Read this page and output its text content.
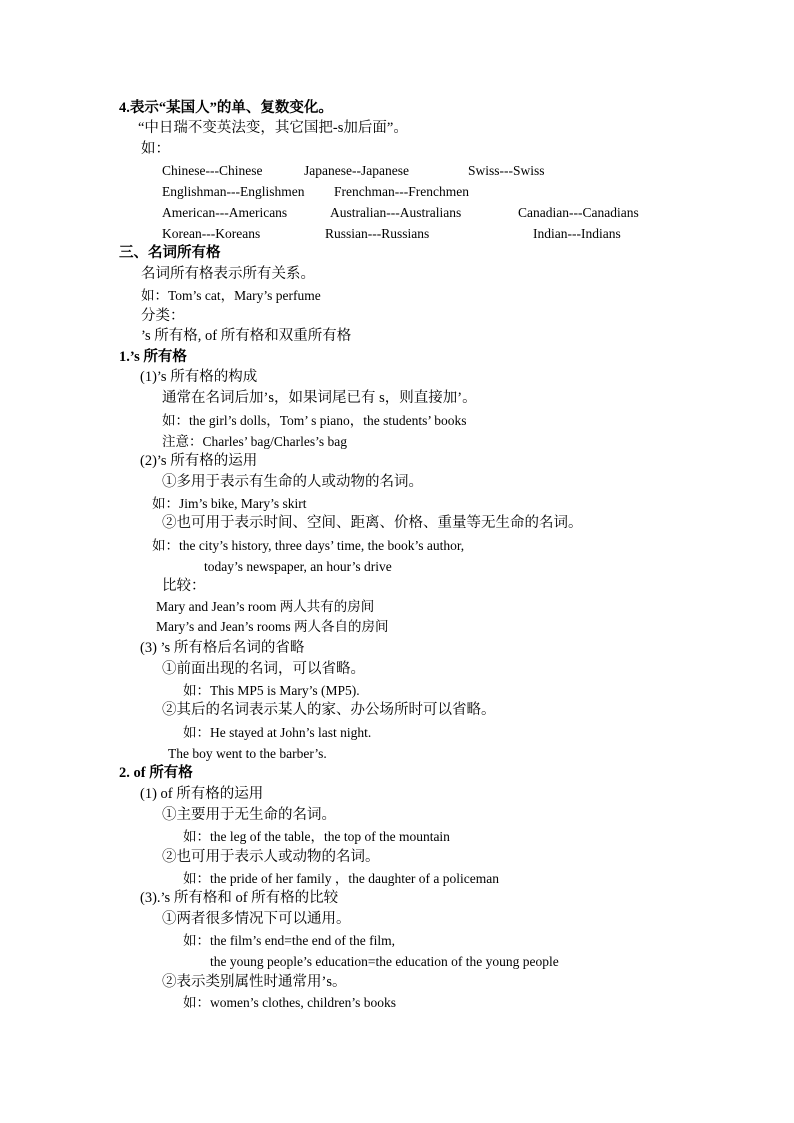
4.表示“某国人”的单、复数变化。
“中日瑞不变英法变，其它国把-s加后面”。
如：
Chinese---Chinese	Japanese--Japanese	Swiss---Swiss
Englishman---Englishmen Frenchman---Frenchmen
American---Americans	Australian---Australians	Canadian---Canadians
Korean---Koreans	Russian---Russians	Indian---Indians
三、名词所有格
名词所有格表示所有关系。
如：Tom’s cat，Mary’s perfume
分类：
’s 所有格, of 所有格和双重所有格
1.’s 所有格
(1)’s 所有格的构成
通常在名词后加’s，如果词尾已有 s，则直接加’。
如：the girl’s dolls，Tom’ s piano，the students’ books
注意：Charles’ bag/Charles’s bag
(2)’s 所有格的运用
①多用于表示有生命的人或动物的名词。
如：Jim’s bike, Mary’s skirt
②也可用于表示时间、空间、距离、价格、重量等无生命的名词。
如：the city’s history, three days’ time, the book’s author,
today’s newspaper, an hour’s drive
比较：
Mary and Jean’s room 两人共有的房间
Mary’s and Jean’s rooms 两人各自的房间
(3) ’s 所有格后名词的省略
①前面出现的名词，可以省略。
如：This MP5 is Mary’s (MP5).
②其后的名词表示某人的家、办公场所时可以省略。
如：He stayed at John’s last night.
The boy went to the barber’s.
2. of 所有格
(1) of 所有格的运用
①主要用于无生命的名词。
如：the leg of the table，the top of the mountain
②也可用于表示人或动物的名词。
如：the pride of her family ，the daughter of a policeman
(3).’s 所有格和 of 所有格的比较
①两者很多情况下可以通用。
如：the film’s end=the end of the film,
the young people’s education=the education of the young people
②表示类别属性时通常用’s。
如：women’s clothes, children’s books
